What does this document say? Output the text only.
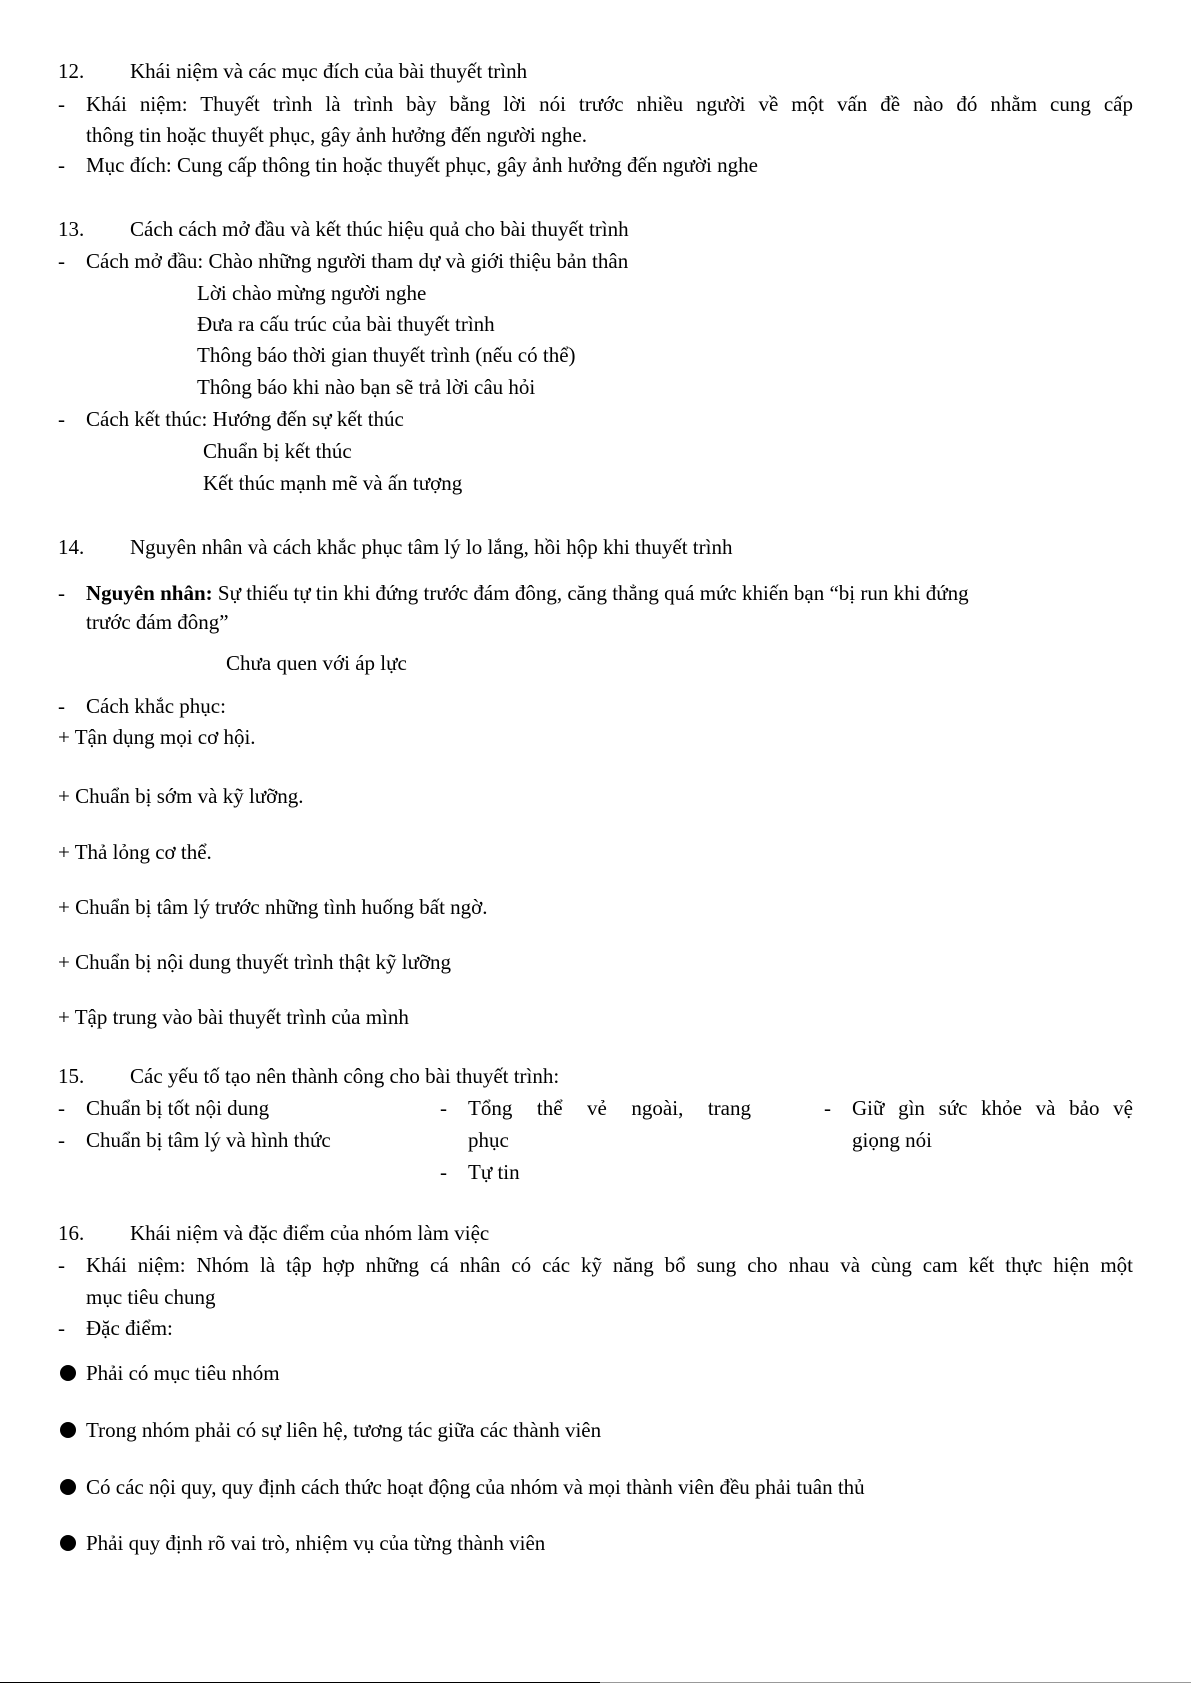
12. Khái niệm và các mục đích của bài thuyết trình
- Khái niệm: Thuyết trình là trình bày bằng lời nói trước nhiều người về một vấn đề nào đó nhằm cung cấp
thông tin hoặc thuyết phục, gây ảnh hưởng đến người nghe.
- Mục đích: Cung cấp thông tin hoặc thuyết phục, gây ảnh hưởng đến người nghe
13. Cách cách mở đầu và kết thúc hiệu quả cho bài thuyết trình
- Cách mở đầu: Chào những người tham dự và giới thiệu bản thân
Lời chào mừng người nghe
Đưa ra cấu trúc của bài thuyết trình
Thông báo thời gian thuyết trình (nếu có thể)
Thông báo khi nào bạn sẽ trả lời câu hỏi
- Cách kết thúc: Hướng đến sự kết thúc
Chuẩn bị kết thúc
Kết thúc mạnh mẽ và ấn tượng
14. Nguyên nhân và cách khắc phục tâm lý lo lắng, hồi hộp khi thuyết trình
- Nguyên nhân: Sự thiếu tự tin khi đứng trước đám đông, căng thẳng quá mức khiến bạn “bị run khi đứng
trước đám đông”
Chưa quen với áp lực
- Cách khắc phục:
+ Tận dụng mọi cơ hội.
+ Chuẩn bị sớm và kỹ lưỡng.
+ Thả lỏng cơ thể.
+ Chuẩn bị tâm lý trước những tình huống bất ngờ.
+ Chuẩn bị nội dung thuyết trình thật kỹ lưỡng
+ Tập trung vào bài thuyết trình của mình
15. Các yếu tố tạo nên thành công cho bài thuyết trình:
- Chuẩn bị tốt nội dung
- Chuẩn bị tâm lý và hình thức
- Tổng thể vẻ ngoài, trang
phục
- Tự tin
- Giữ gìn sức khỏe và bảo vệ
giọng nói
16. Khái niệm và đặc điểm của nhóm làm việc
- Khái niệm: Nhóm là tập hợp những cá nhân có các kỹ năng bổ sung cho nhau và cùng cam kết thực hiện một
mục tiêu chung
- Đặc điểm:
Phải có mục tiêu nhóm
Trong nhóm phải có sự liên hệ, tương tác giữa các thành viên
Có các nội quy, quy định cách thức hoạt động của nhóm và mọi thành viên đều phải tuân thủ
Phải quy định rõ vai trò, nhiệm vụ của từng thành viên
